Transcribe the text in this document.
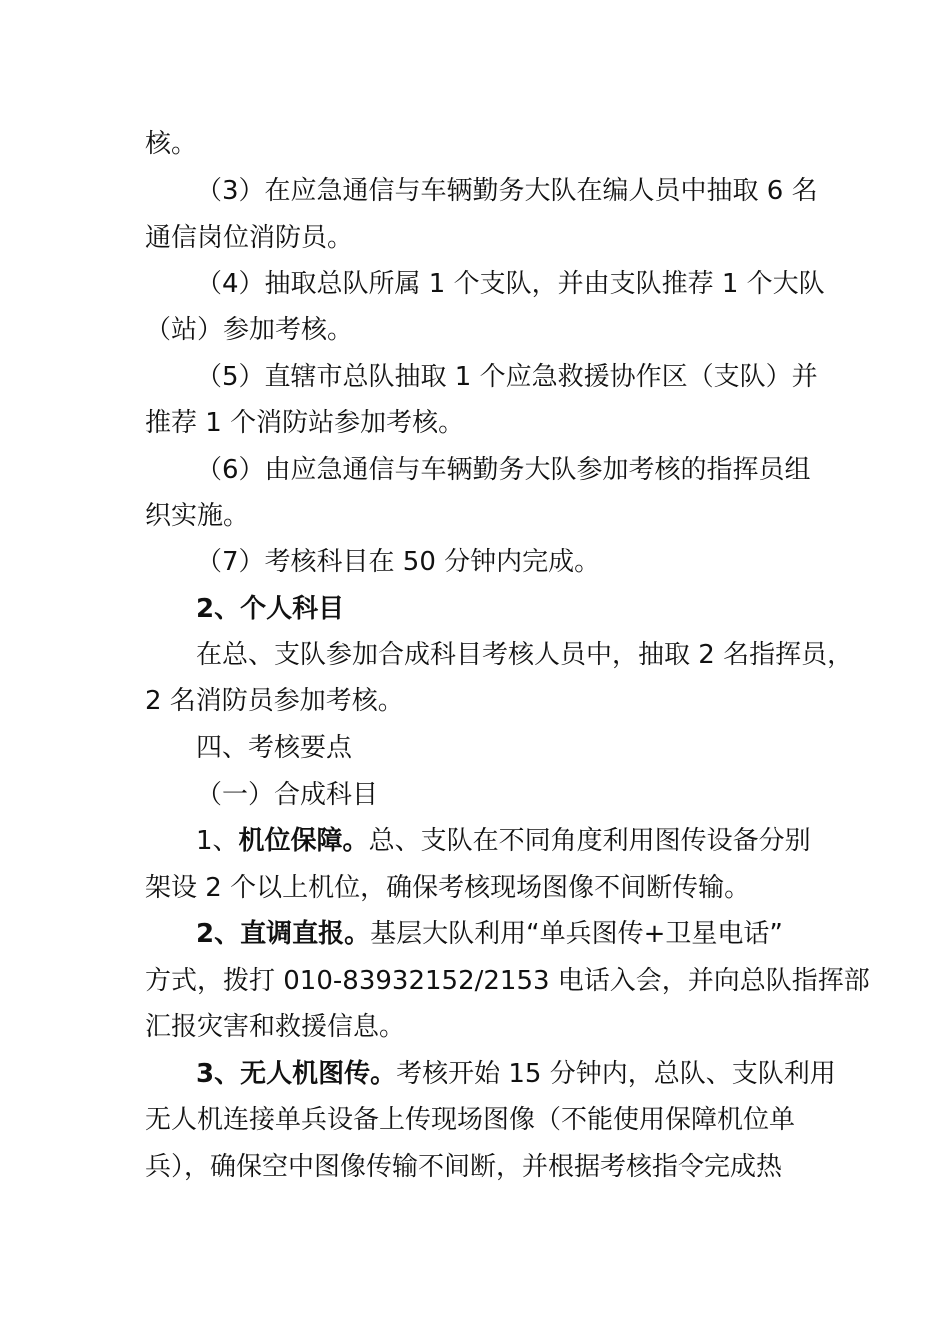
核。
（3）在应急通信与车辆勤务大队在编人员中抽取 6 名
通信岗位消防员。
（4）抽取总队所属 1 个支队，并由支队推荐 1 个大队
（站）参加考核。
（5）直辖市总队抽取 1 个应急救援协作区（支队）并
推荐 1 个消防站参加考核。
（6）由应急通信与车辆勤务大队参加考核的指挥员组
织实施。
（7）考核科目在 50 分钟内完成。
2、个人科目
在总、支队参加合成科目考核人员中，抽取 2 名指挥员，
2 名消防员参加考核。
四、考核要点
（一）合成科目
1、机位保障。总、支队在不同角度利用图传设备分别
架设 2 个以上机位，确保考核现场图像不间断传输。
2、直调直报。基层大队利用“单兵图传+卫星电话”
方式，拨打 010-83932152/2153 电话入会，并向总队指挥部
汇报灾害和救援信息。
3、无人机图传。考核开始 15 分钟内，总队、支队利用
无人机连接单兵设备上传现场图像（不能使用保障机位单
兵），确保空中图像传输不间断，并根据考核指令完成热
